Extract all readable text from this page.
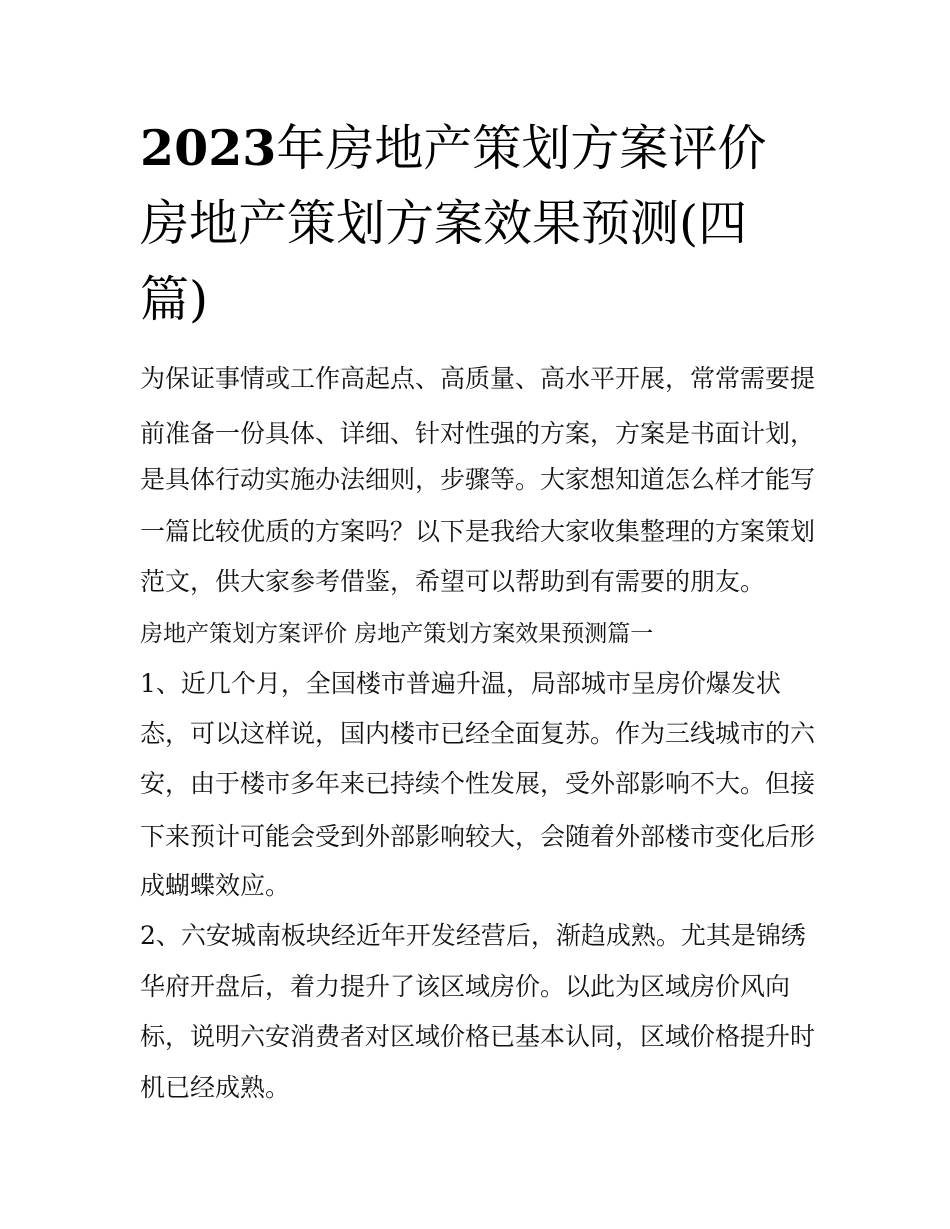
2023年房地产策划方案评价
房地产策划方案效果预测(四
篇)

为保证事情或工作高起点、高质量、高水平开展，常常需要提

前准备一份具体、详细、针对性强的方案，方案是书面计划，

是具体行动实施办法细则，步骤等。大家想知道怎么样才能写

一篇比较优质的方案吗？以下是我给大家收集整理的方案策划

范文，供大家参考借鉴，希望可以帮助到有需要的朋友。

房地产策划方案评价 房地产策划方案效果预测篇一

1、近几个月，全国楼市普遍升温，局部城市呈房价爆发状

态，可以这样说，国内楼市已经全面复苏。作为三线城市的六

安，由于楼市多年来已持续个性发展，受外部影响不大。但接

下来预计可能会受到外部影响较大，会随着外部楼市变化后形

成蝴蝶效应。

2、六安城南板块经近年开发经营后，渐趋成熟。尤其是锦绣

华府开盘后，着力提升了该区域房价。以此为区域房价风向

标，说明六安消费者对区域价格已基本认同，区域价格提升时

机已经成熟。
